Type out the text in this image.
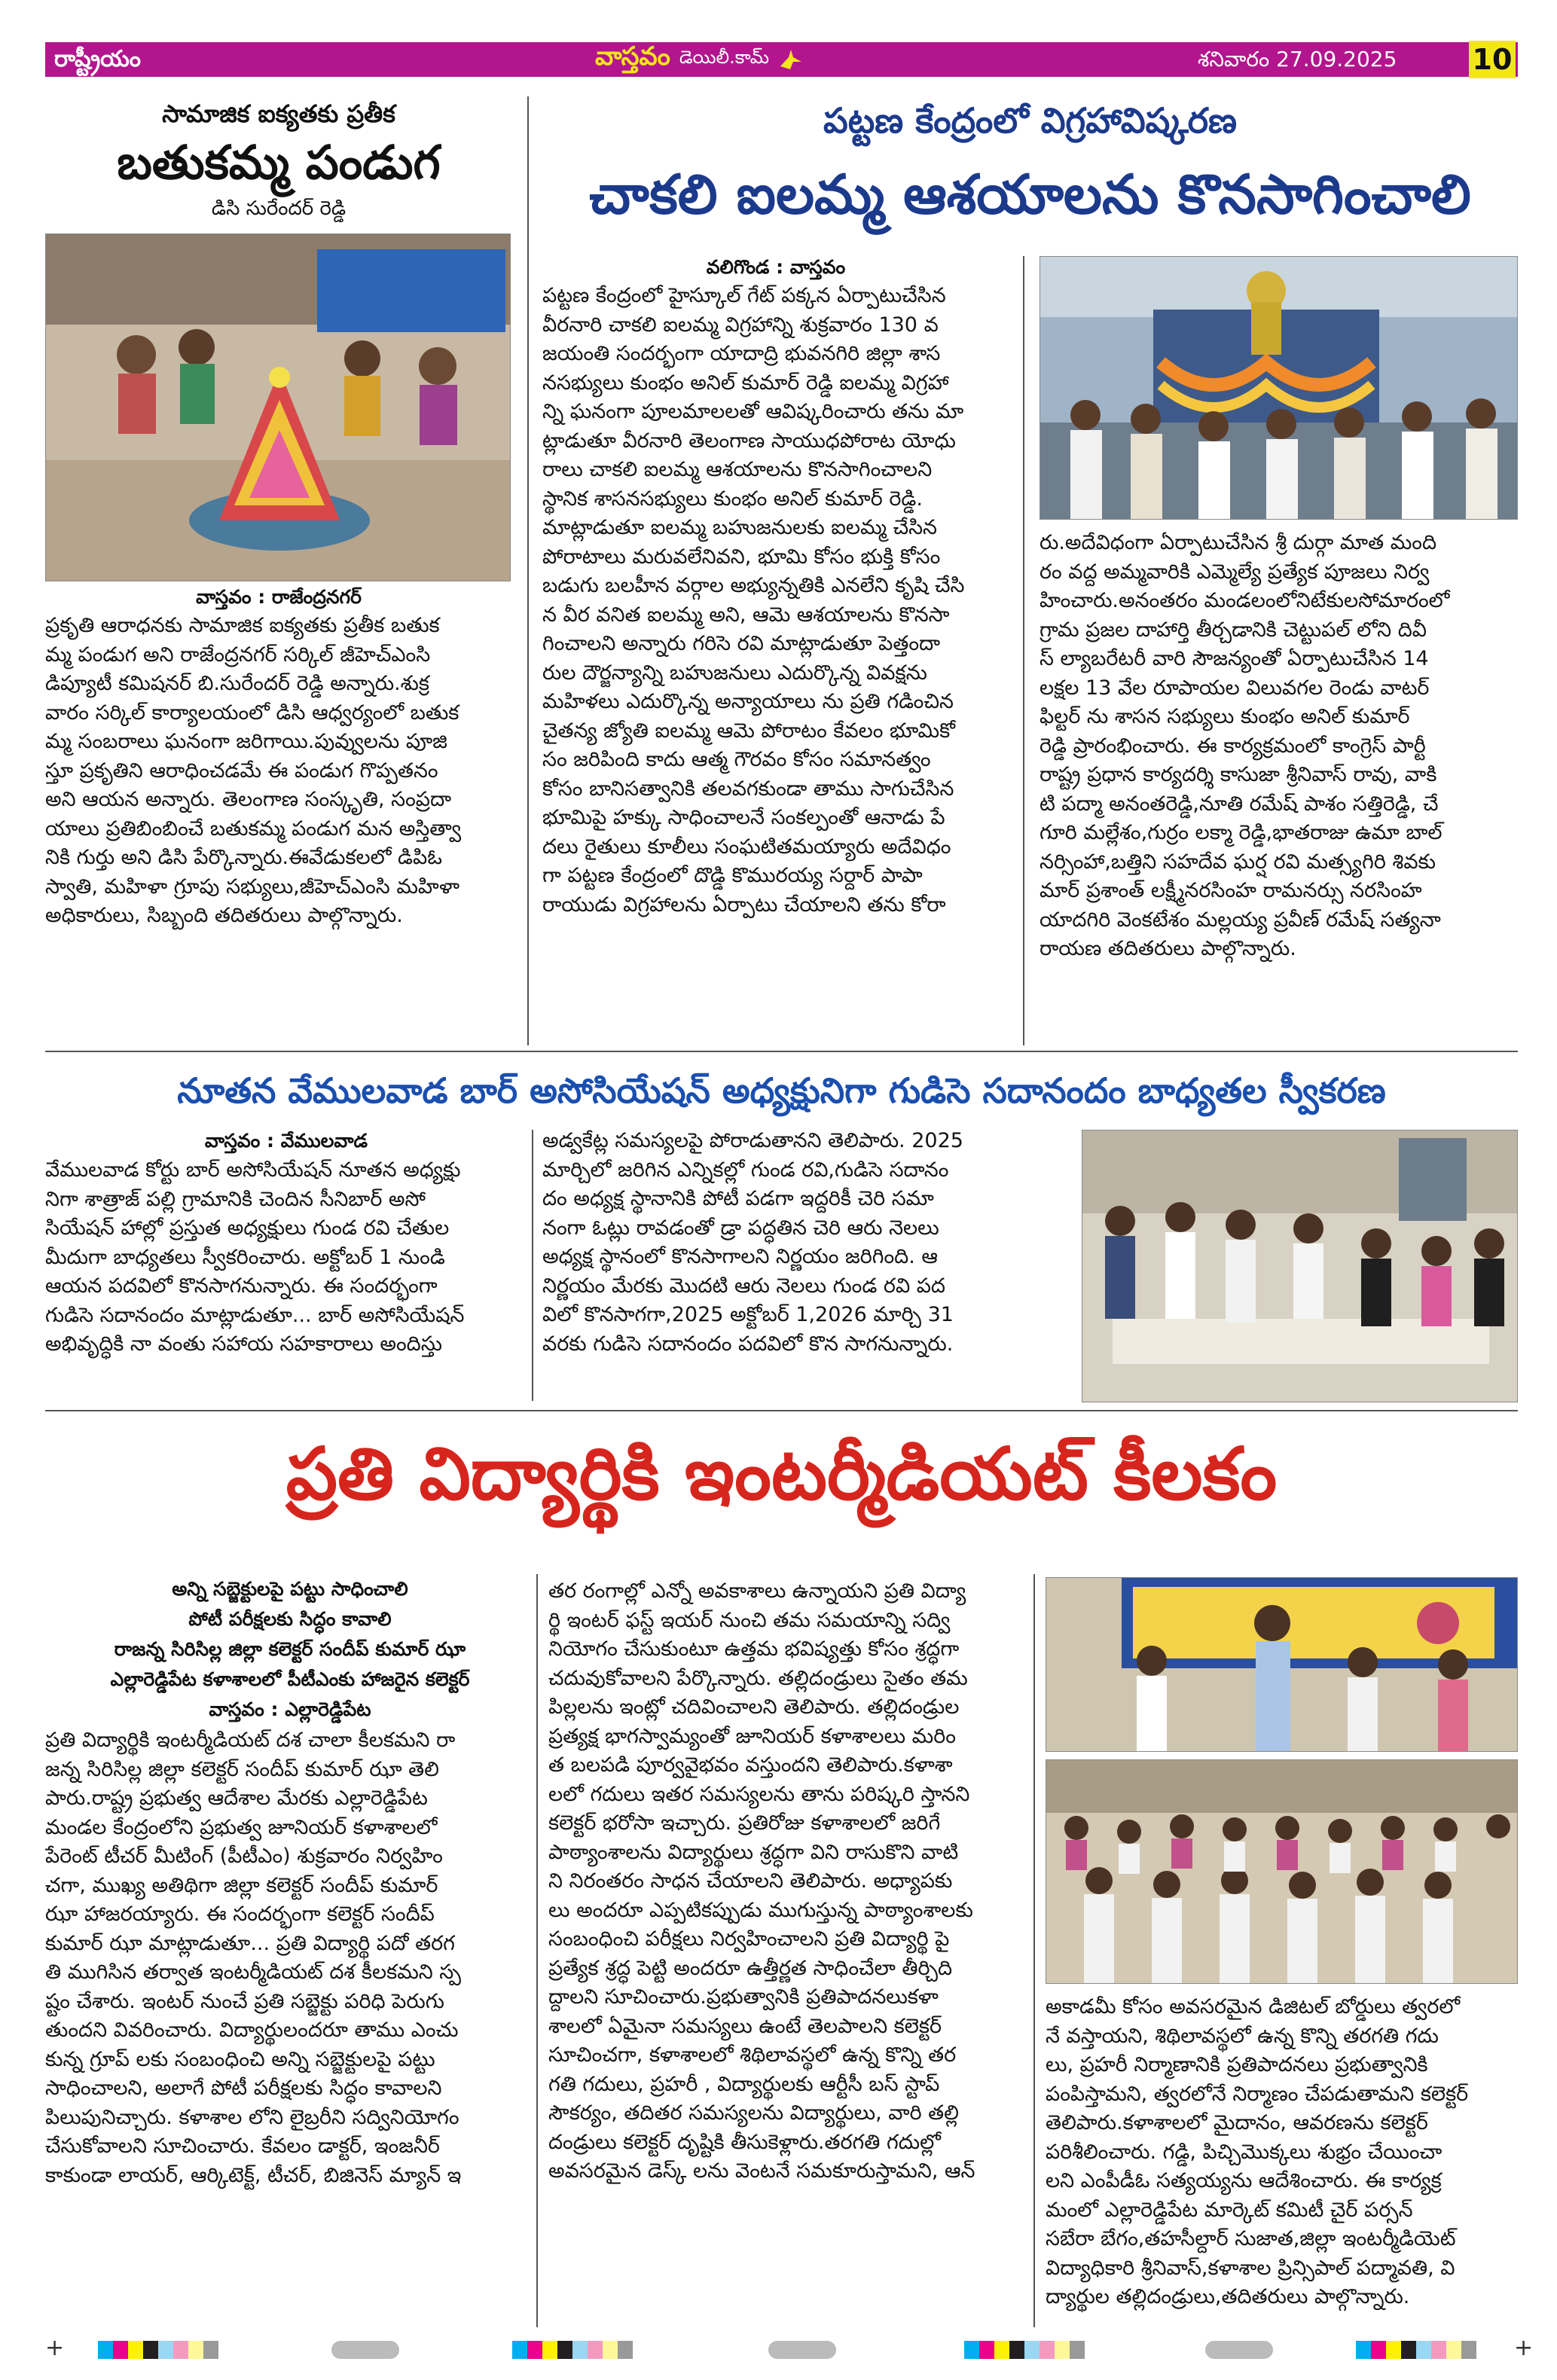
రాష్ట్రీయం	వాస్తవం డెయిలీ.కామ్	శనివారం 27.09.2025	10
సామాజిక ఐక్యతకు ప్రతీక
బతుకమ్మ పండుగ
డిసి సురేందర్ రెడ్డి
వాస్తవం : రాజేంద్రనగర్

ప్రకృతి ఆరాధనకు సామాజిక ఐక్యతకు ప్రతీక బతుక

మ్మ పండుగ అని రాజేంద్రనగర్ సర్కిల్ జీహెచ్ఎంసి

డిప్యూటీ కమిషనర్ బి.సురేందర్ రెడ్డి అన్నారు.శుక్ర

వారం సర్కిల్ కార్యాలయంలో డిసి ఆధ్వర్యంలో బతుక

మ్మ సంబరాలు ఘనంగా జరిగాయి.పువ్వులను పూజి

స్తూ ప్రకృతిని ఆరాధించడమే ఈ పండుగ గొప్పతనం

అని ఆయన అన్నారు. తెలంగాణ సంస్కృతి, సంప్రదా

యాలు ప్రతిబింబించే బతుకమ్మ పండుగ మన అస్తిత్వా

నికి గుర్తు అని డిసి పేర్కొన్నారు.ఈవేడుకలలో డిపిఓ

స్వాతి, మహిళా గ్రూపు సభ్యులు,జీహెచ్ఎంసి మహిళా

అధికారులు, సిబ్బంది తదితరులు పాల్గొన్నారు.

పట్టణ కేంద్రంలో విగ్రహావిష్కరణ
చాకలి ఐలమ్మ ఆశయాలను కొనసాగించాలి
వలిగొండ : వాస్తవం

పట్టణ కేంద్రంలో హైస్కూల్ గేట్ పక్కన ఏర్పాటుచేసిన

వీరనారి చాకలి ఐలమ్మ విగ్రహాన్ని శుక్రవారం 130 వ

జయంతి సందర్భంగా యాదాద్రి భువనగిరి జిల్లా శాస

నసభ్యులు కుంభం అనిల్ కుమార్ రెడ్డి ఐలమ్మ విగ్రహా

న్ని ఘనంగా పూలమాలలతో ఆవిష్కరించారు తను మా

ట్లాడుతూ వీరనారి తెలంగాణ సాయుధపోరాట యోధు

రాలు చాకలి ఐలమ్మ ఆశయాలను కొనసాగించాలని

స్థానిక శాసనసభ్యులు కుంభం అనిల్ కుమార్ రెడ్డి.

మాట్లాడుతూ ఐలమ్మ బహుజనులకు ఐలమ్మ చేసిన

పోరాటాలు మరువలేనివని, భూమి కోసం భుక్తి కోసం

బడుగు బలహీన వర్గాల అభ్యున్నతికి ఎనలేని కృషి చేసి

న వీర వనిత ఐలమ్మ అని, ఆమె ఆశయాలను కొనసా

గించాలని అన్నారు గరిసె రవి మాట్లాడుతూ పెత్తందా

రుల దౌర్జన్యాన్ని బహుజనులు ఎదుర్కొన్న వివక్షను

మహిళలు ఎదుర్కొన్న అన్యాయాలు ను ప్రతి గడించిన

చైతన్య జ్యోతి ఐలమ్మ ఆమె పోరాటం కేవలం భూమికో

సం జరిపింది కాదు ఆత్మ గౌరవం కోసం సమానత్వం

కోసం బానిసత్వానికి తలవగకుండా తాము సాగుచేసిన

భూమిపై హక్కు సాధించాలనే సంకల్పంతో ఆనాడు పే

దలు రైతులు కూలీలు సంఘటితమయ్యారు అదేవిధం

గా పట్టణ కేంద్రంలో దొడ్డి కొమురయ్య సర్దార్ పాపా

రాయుడు విగ్రహాలను ఏర్పాటు చేయాలని తను కోరా

రు.అదేవిధంగా ఏర్పాటుచేసిన శ్రీ దుర్గా మాత మంది

రం వద్ద అమ్మవారికి ఎమ్మెల్యే ప్రత్యేక పూజలు నిర్వ

హించారు.అనంతరం మండలంలోనిటేకులసోమారంలో

గ్రామ ప్రజల దాహార్తి తీర్చడానికి చెట్టుపల్ లోని దివీ

స్ ల్యాబరేటరీ వారి సౌజన్యంతో ఏర్పాటుచేసిన 14

లక్షల 13 వేల రూపాయల విలువగల రెండు వాటర్

ఫిల్టర్ ను శాసన సభ్యులు కుంభం అనిల్ కుమార్

రెడ్డి ప్రారంభించారు. ఈ కార్యక్రమంలో కాంగ్రెస్ పార్టీ

రాష్ట్ర ప్రధాన కార్యదర్శి కాసుజా శ్రీనివాస్ రావు, వాకి

టి పద్మా అనంతరెడ్డి,నూతి రమేష్ పాశం సత్తిరెడ్డి, చే

గూరి మల్లేశం,గుర్రం లక్మా రెడ్డి,భాతరాజు ఉమా బాల్

నర్సింహా,బత్తిని సహదేవ ఘర్ష రవి మత్స్యగిరి శివకు

మార్ ప్రశాంత్ లక్ష్మీనరసింహ రామనర్సు నరసింహ

యాదగిరి వెంకటేశం మల్లయ్య ప్రవీణ్ రమేష్ సత్యనా

రాయణ తదితరులు పాల్గొన్నారు.

నూతన వేములవాడ బార్ అసోసియేషన్ అధ్యక్షునిగా గుడిసె సదానందం బాధ్యతల స్వీకరణ
వాస్తవం : వేములవాడ

వేములవాడ కోర్టు బార్ అసోసియేషన్ నూతన అధ్యక్షు

నిగా శాత్రాజ్ పల్లి గ్రామానికి చెందిన సీనిబార్ అసో

సియేషన్ హాల్లో ప్రస్తుత అధ్యక్షులు గుండ రవి చేతుల

మీదుగా బాధ్యతలు స్వీకరించారు. అక్టోబర్ 1 నుండి

ఆయన పదవిలో కొనసాగనున్నారు. ఈ సందర్భంగా

గుడిసె సదానందం మాట్లాడుతూ... బార్ అసోసియేషన్

అభివృద్ధికి నా వంతు సహాయ సహకారాలు అందిస్తు

అడ్వకేట్ల సమస్యలపై పోరాడుతానని తెలిపారు. 2025

మార్చిలో జరిగిన ఎన్నికల్లో గుండ రవి,గుడిసె సదానం

దం అధ్యక్ష స్థానానికి పోటీ పడగా ఇద్దరికీ చెరి సమా

నంగా ఓట్లు రావడంతో డ్రా పద్ధతిన చెరి ఆరు నెలలు

అధ్యక్ష స్థానంలో కొనసాగాలని నిర్ణయం జరిగింది. ఆ

నిర్ణయం మేరకు మొదటి ఆరు నెలలు గుండ రవి పద

విలో కొనసాగగా,2025 అక్టోబర్ 1,2026 మార్చి 31

వరకు గుడిసె సదానందం పదవిలో కొన సాగనున్నారు.

ప్రతి విద్యార్థికి ఇంటర్మీడియట్ కీలకం
అన్ని సబ్జెక్టులపై పట్టు సాధించాలి
పోటీ పరీక్షలకు సిద్ధం కావాలి
రాజన్న సిరిసిల్ల జిల్లా కలెక్టర్ సందీప్ కుమార్ ఝా
ఎల్లారెడ్డిపేట కళాశాలలో పీటీఎంకు హాజరైన కలెక్టర్
వాస్తవం : ఎల్లారెడ్డిపేట

ప్రతి విద్యార్థికి ఇంటర్మీడియట్ దశ చాలా కీలకమని రా

జన్న సిరిసిల్ల జిల్లా కలెక్టర్ సందీప్ కుమార్ ఝా తెలి

పారు.రాష్ట్ర ప్రభుత్వ ఆదేశాల మేరకు ఎల్లారెడ్డిపేట

మండల కేంద్రంలోని ప్రభుత్వ జూనియర్ కళాశాలలో

పేరెంట్ టీచర్ మీటింగ్ (పీటీఎం) శుక్రవారం నిర్వహిం

చగా, ముఖ్య అతిథిగా జిల్లా కలెక్టర్ సందీప్ కుమార్

ఝా హాజరయ్యారు. ఈ సందర్భంగా కలెక్టర్ సందీప్

కుమార్ ఝా మాట్లాడుతూ... ప్రతి విద్యార్థి పదో తరగ

తి ముగిసిన తర్వాత ఇంటర్మీడియట్ దశ కీలకమని స్ప

ష్టం చేశారు. ఇంటర్ నుంచే ప్రతి సబ్జెక్టు పరిధి పెరుగు

తుందని వివరించారు. విద్యార్థులందరూ తాము ఎంచు

కున్న గ్రూప్ లకు సంబంధించి అన్ని సబ్జెక్టులపై పట్టు

సాధించాలని, అలాగే పోటీ పరీక్షలకు సిద్ధం కావాలని

పిలుపునిచ్చారు. కళాశాల లోని లైబ్రరీని సద్వినియోగం

చేసుకోవాలని సూచించారు. కేవలం డాక్టర్, ఇంజనీర్

కాకుండా లాయర్, ఆర్కిటెక్ట్, టీచర్, బిజినెస్ మ్యాన్ ఇ

తర రంగాల్లో ఎన్నో అవకాశాలు ఉన్నాయని ప్రతి విద్యా

ర్థి ఇంటర్ ఫస్ట్ ఇయర్ నుంచి తమ సమయాన్ని సద్వి

నియోగం చేసుకుంటూ ఉత్తమ భవిష్యత్తు కోసం శ్రద్ధగా

చదువుకోవాలని పేర్కొన్నారు. తల్లిదండ్రులు సైతం తమ

పిల్లలను ఇంట్లో చదివించాలని తెలిపారు. తల్లిదండ్రుల

ప్రత్యక్ష భాగస్వామ్యంతో జూనియర్ కళాశాలలు మరిం

త బలపడి పూర్వవైభవం వస్తుందని తెలిపారు.కళాశా

లలో గదులు ఇతర సమస్యలను తాను పరిష్కరి స్తానని

కలెక్టర్ భరోసా ఇచ్చారు. ప్రతిరోజు కళాశాలలో జరిగే

పాఠ్యాంశాలను విద్యార్థులు శ్రద్ధగా విని రాసుకొని వాటి

ని నిరంతరం సాధన చేయాలని తెలిపారు. అధ్యాపకు

లు అందరూ ఎప్పటికప్పుడు ముగుస్తున్న పాఠ్యాంశాలకు

సంబంధించి పరీక్షలు నిర్వహించాలని ప్రతి విద్యార్థి పై

ప్రత్యేక శ్రద్ధ పెట్టి అందరూ ఉత్తీర్ణత సాధించేలా తీర్చిది

ద్దాలని సూచించారు.ప్రభుత్వానికి ప్రతిపాదనలుకళా

శాలలో ఏమైనా సమస్యలు ఉంటే తెలపాలని కలెక్టర్

సూచించగా, కళాశాలలో శిథిలావస్థలో ఉన్న కొన్ని తర

గతి గదులు, ప్రహరీ , విద్యార్థులకు ఆర్టీసీ బస్ స్టాప్

సౌకర్యం, తదితర సమస్యలను విద్యార్థులు, వారి తల్లి

దండ్రులు కలెక్టర్ దృష్టికి తీసుకెళ్లారు.తరగతి గదుల్లో

అవసరమైన డెస్క్ లను వెంటనే సమకూరుస్తామని, ఆన్

అకాడమీ కోసం అవసరమైన డిజిటల్ బోర్డులు త్వరలో

నే వస్తాయని, శిథిలావస్థలో ఉన్న కొన్ని తరగతి గదు

లు, ప్రహరీ నిర్మాణానికి ప్రతిపాదనలు ప్రభుత్వానికి

పంపిస్తామని, త్వరలోనే నిర్మాణం చేపడుతామని కలెక్టర్

తెలిపారు.కళాశాలలో మైదానం, ఆవరణను కలెక్టర్

పరిశీలించారు. గడ్డి, పిచ్చిమొక్కలు శుభ్రం చేయించా

లని ఎంపీడీఓ సత్యయ్యను ఆదేశించారు. ఈ కార్యక్ర

మంలో ఎల్లారెడ్డిపేట మార్కెట్ కమిటీ చైర్ పర్సన్

సబేరా బేగం,తహసీల్దార్ సుజాత,జిల్లా ఇంటర్మీడియెట్

విద్యాధికారి శ్రీనివాస్,కళాశాల ప్రిన్సిపాల్ పద్మావతి, వి

ద్యార్థుల తల్లిదండ్రులు,తదితరులు పాల్గొన్నారు.

+	+
